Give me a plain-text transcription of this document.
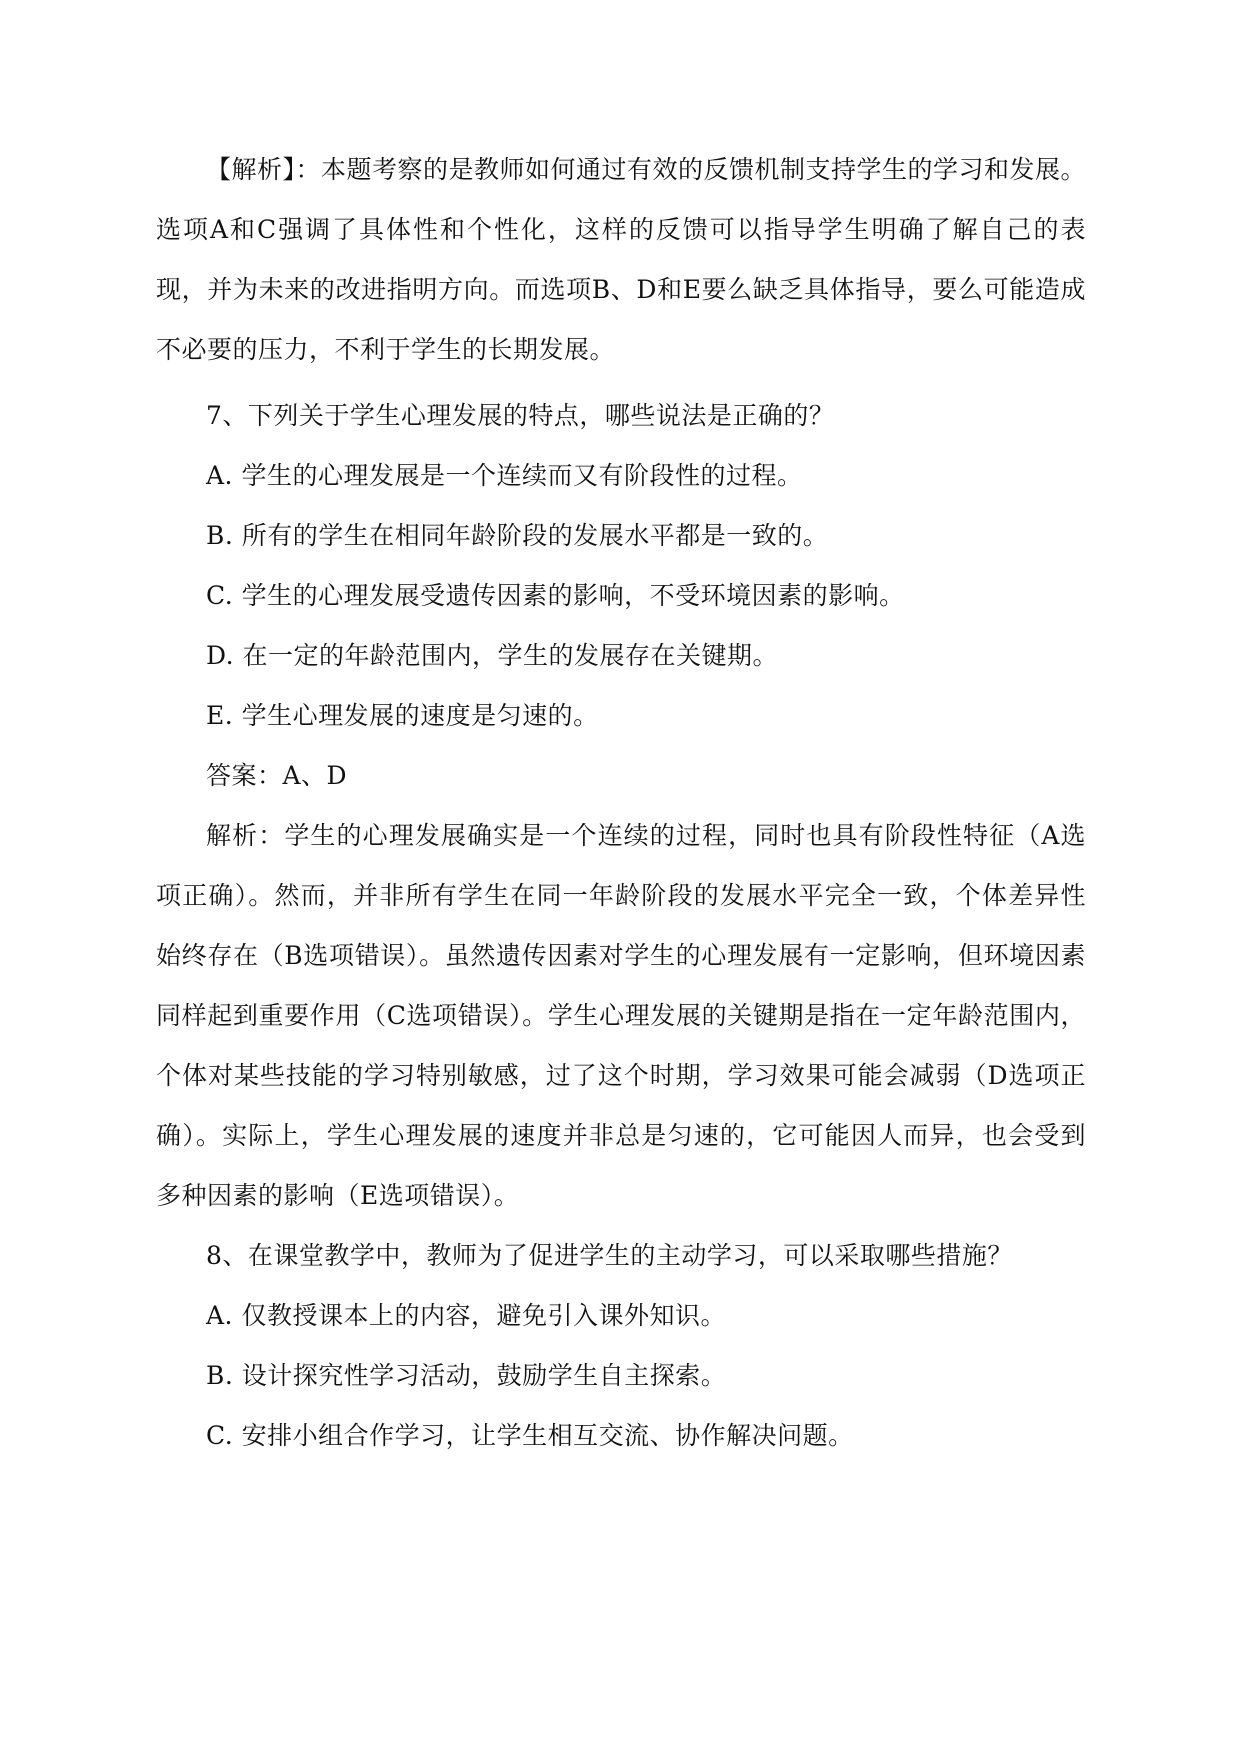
【解析】：本题考察的是教师如何通过有效的反馈机制支持学生的学习和发展。选项A和C强调了具体性和个性化，这样的反馈可以指导学生明确了解自己的表现，并为未来的改进指明方向。而选项B、D和E要么缺乏具体指导，要么可能造成不必要的压力，不利于学生的长期发展。

7、下列关于学生心理发展的特点，哪些说法是正确的？

A. 学生的心理发展是一个连续而又有阶段性的过程。

B. 所有的学生在相同年龄阶段的发展水平都是一致的。

C. 学生的心理发展受遗传因素的影响，不受环境因素的影响。

D. 在一定的年龄范围内，学生的发展存在关键期。

E. 学生心理发展的速度是匀速的。

答案：A、D

解析：学生的心理发展确实是一个连续的过程，同时也具有阶段性特征（A选项正确）。然而，并非所有学生在同一年龄阶段的发展水平完全一致，个体差异性始终存在（B选项错误）。虽然遗传因素对学生的心理发展有一定影响，但环境因素同样起到重要作用（C选项错误）。学生心理发展的关键期是指在一定年龄范围内，个体对某些技能的学习特别敏感，过了这个时期，学习效果可能会减弱（D选项正确）。实际上，学生心理发展的速度并非总是匀速的，它可能因人而异，也会受到多种因素的影响（E选项错误）。

8、在课堂教学中，教师为了促进学生的主动学习，可以采取哪些措施？

A. 仅教授课本上的内容，避免引入课外知识。

B. 设计探究性学习活动，鼓励学生自主探索。

C. 安排小组合作学习，让学生相互交流、协作解决问题。
